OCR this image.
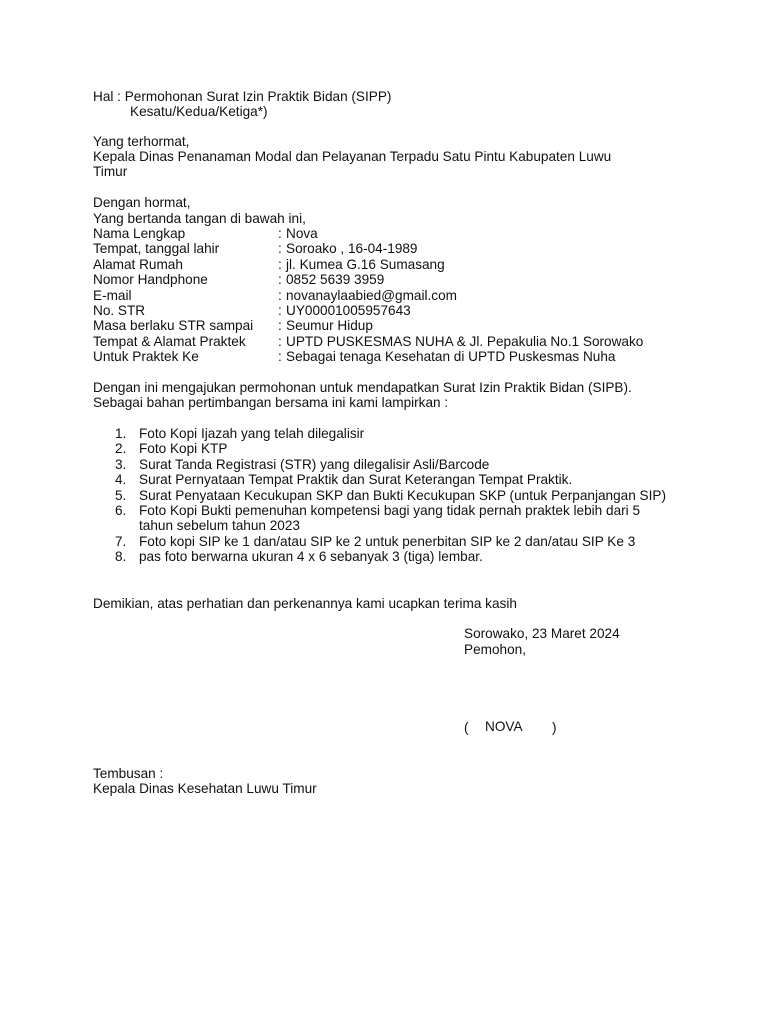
Hal : Permohonan Surat Izin Praktik Bidan (SIPP)
Kesatu/Kedua/Ketiga*)
Yang terhormat,
Kepala Dinas Penanaman Modal dan Pelayanan Terpadu Satu Pintu Kabupaten Luwu
Timur
Dengan hormat,
Yang bertanda tangan di bawah ini,
Nama Lengkap	: Nova
Tempat, tanggal lahir	: Soroako , 16-04-1989
Alamat Rumah	: jl. Kumea G.16 Sumasang
Nomor Handphone	: 0852 5639 3959
E-mail	: novanaylaabied@gmail.com
No. STR	: UY00001005957643
Masa berlaku STR sampai	: Seumur Hidup
Tempat & Alamat Praktek	: UPTD PUSKESMAS NUHA & Jl. Pepakulia No.1 Sorowako
Untuk Praktek Ke	: Sebagai tenaga Kesehatan di UPTD Puskesmas Nuha
Dengan ini mengajukan permohonan untuk mendapatkan Surat Izin Praktik Bidan (SIPB).
Sebagai bahan pertimbangan bersama ini kami lampirkan :
1. Foto Kopi Ijazah yang telah dilegalisir
2. Foto Kopi KTP
3. Surat Tanda Registrasi (STR) yang dilegalisir Asli/Barcode
4. Surat Pernyataan Tempat Praktik dan Surat Keterangan Tempat Praktik.
5. Surat Penyataan Kecukupan SKP dan Bukti Kecukupan SKP (untuk Perpanjangan SIP)
6. Foto Kopi Bukti pemenuhan kompetensi bagi yang tidak pernah praktek lebih dari 5 tahun sebelum tahun 2023
7. Foto kopi SIP ke 1 dan/atau SIP ke 2 untuk penerbitan SIP ke 2 dan/atau SIP Ke 3
8. pas foto berwarna ukuran 4 x 6 sebanyak 3 (tiga) lembar.
Demikian, atas perhatian dan perkenannya kami ucapkan terima kasih
Sorowako, 23 Maret 2024
Pemohon,
( NOVA )
Tembusan :
Kepala Dinas Kesehatan Luwu Timur
